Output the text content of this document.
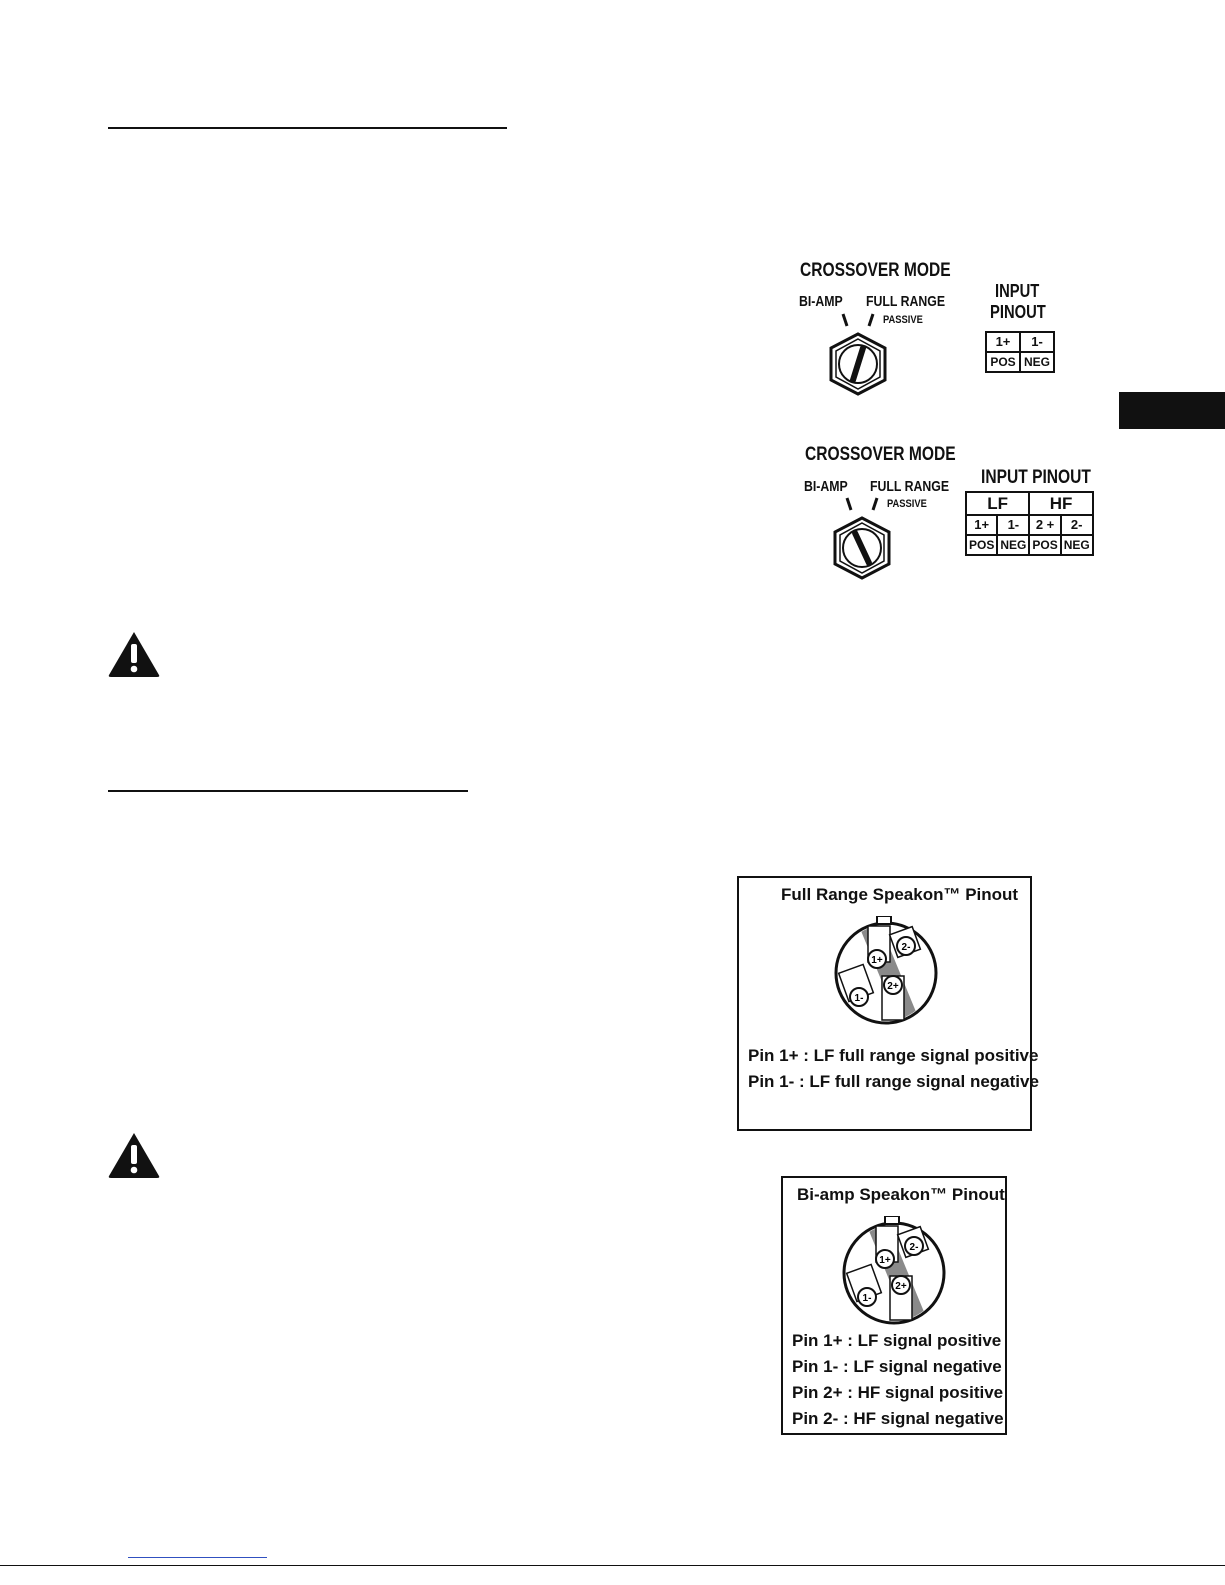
CROSSOVER MODE
BI-AMP FULL RANGE
PASSIVE
INPUT
PINOUT
1+	1-
POS	NEG
CROSSOVER MODE
BI-AMP FULL RANGE
PASSIVE
INPUT PINOUT
LF		HF	
1+	1-	2 +	2-
POS	NEG	POS	NEG
Full Range Speakon™ Pinout
1+
2-
2+
1-
Pin 1+ : LF full range signal positive
Pin 1- : LF full range signal negative
Bi-amp Speakon™ Pinout
1+
2-
2+
1-
Pin 1+ : LF signal positive
Pin 1- : LF signal negative
Pin 2+ : HF signal positive
Pin 2- : HF signal negative
